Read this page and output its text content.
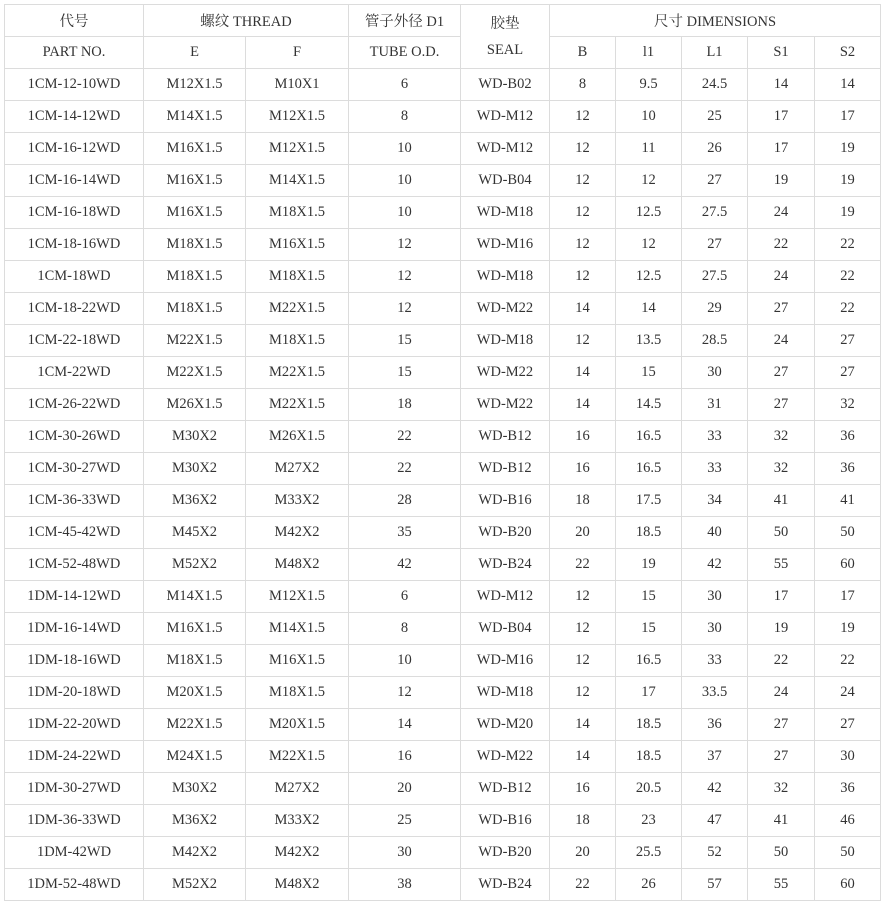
代号	螺纹 THREAD		管子外径 D1	胶垫
SEAL	尺寸 DIMENSIONS				
PART NO.	E	F	TUBE O.D.		B	l1	L1	S1	S2
1CM-12-10WD	M12X1.5	M10X1	6	WD-B02	8	9.5	24.5	14	14
1CM-14-12WD	M14X1.5	M12X1.5	8	WD-M12	12	10	25	17	17
1CM-16-12WD	M16X1.5	M12X1.5	10	WD-M12	12	11	26	17	19
1CM-16-14WD	M16X1.5	M14X1.5	10	WD-B04	12	12	27	19	19
1CM-16-18WD	M16X1.5	M18X1.5	10	WD-M18	12	12.5	27.5	24	19
1CM-18-16WD	M18X1.5	M16X1.5	12	WD-M16	12	12	27	22	22
1CM-18WD	M18X1.5	M18X1.5	12	WD-M18	12	12.5	27.5	24	22
1CM-18-22WD	M18X1.5	M22X1.5	12	WD-M22	14	14	29	27	22
1CM-22-18WD	M22X1.5	M18X1.5	15	WD-M18	12	13.5	28.5	24	27
1CM-22WD	M22X1.5	M22X1.5	15	WD-M22	14	15	30	27	27
1CM-26-22WD	M26X1.5	M22X1.5	18	WD-M22	14	14.5	31	27	32
1CM-30-26WD	M30X2	M26X1.5	22	WD-B12	16	16.5	33	32	36
1CM-30-27WD	M30X2	M27X2	22	WD-B12	16	16.5	33	32	36
1CM-36-33WD	M36X2	M33X2	28	WD-B16	18	17.5	34	41	41
1CM-45-42WD	M45X2	M42X2	35	WD-B20	20	18.5	40	50	50
1CM-52-48WD	M52X2	M48X2	42	WD-B24	22	19	42	55	60
1DM-14-12WD	M14X1.5	M12X1.5	6	WD-M12	12	15	30	17	17
1DM-16-14WD	M16X1.5	M14X1.5	8	WD-B04	12	15	30	19	19
1DM-18-16WD	M18X1.5	M16X1.5	10	WD-M16	12	16.5	33	22	22
1DM-20-18WD	M20X1.5	M18X1.5	12	WD-M18	12	17	33.5	24	24
1DM-22-20WD	M22X1.5	M20X1.5	14	WD-M20	14	18.5	36	27	27
1DM-24-22WD	M24X1.5	M22X1.5	16	WD-M22	14	18.5	37	27	30
1DM-30-27WD	M30X2	M27X2	20	WD-B12	16	20.5	42	32	36
1DM-36-33WD	M36X2	M33X2	25	WD-B16	18	23	47	41	46
1DM-42WD	M42X2	M42X2	30	WD-B20	20	25.5	52	50	50
1DM-52-48WD	M52X2	M48X2	38	WD-B24	22	26	57	55	60
